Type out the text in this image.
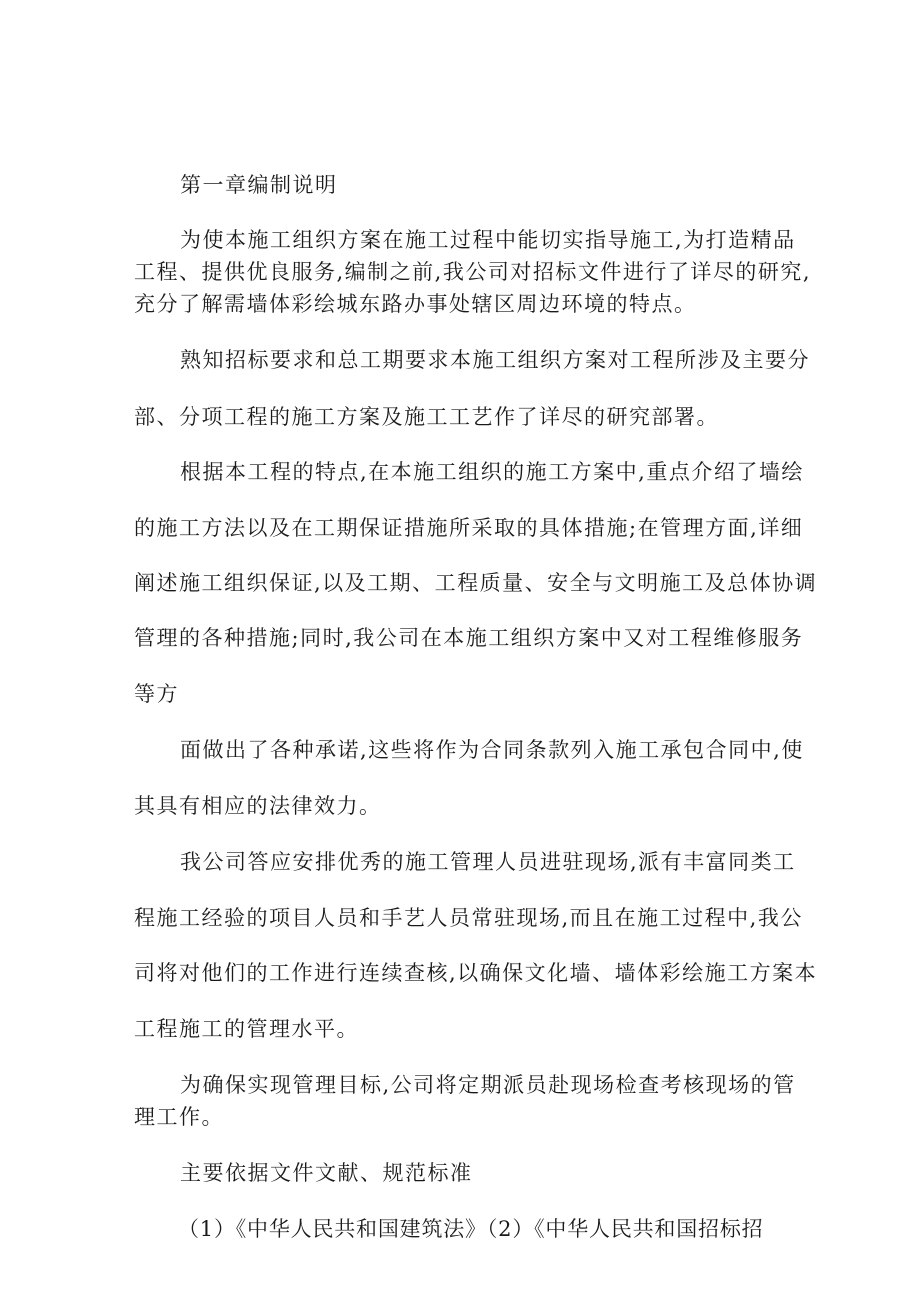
第一章编制说明
为使本施工组织方案在施工过程中能切实指导施工,为打造精品
工程、提供优良服务,编制之前,我公司对招标文件进行了详尽的研究,
充分了解需墙体彩绘城东路办事处辖区周边环境的特点。
熟知招标要求和总工期要求本施工组织方案对工程所涉及主要分
部、分项工程的施工方案及施工工艺作了详尽的研究部署。
根据本工程的特点,在本施工组织的施工方案中,重点介绍了墙绘
的施工方法以及在工期保证措施所采取的具体措施;在管理方面,详细
阐述施工组织保证,以及工期、工程质量、安全与文明施工及总体协调
管理的各种措施;同时,我公司在本施工组织方案中又对工程维修服务
等方
面做出了各种承诺,这些将作为合同条款列入施工承包合同中,使
其具有相应的法律效力。
我公司答应安排优秀的施工管理人员进驻现场,派有丰富同类工
程施工经验的项目人员和手艺人员常驻现场,而且在施工过程中,我公
司将对他们的工作进行连续查核,以确保文化墙、墙体彩绘施工方案本
工程施工的管理水平。
为确保实现管理目标,公司将定期派员赴现场检查考核现场的管
理工作。
主要依据文件文献、规范标准
（1）《中华人民共和国建筑法》（2）《中华人民共和国招标招
